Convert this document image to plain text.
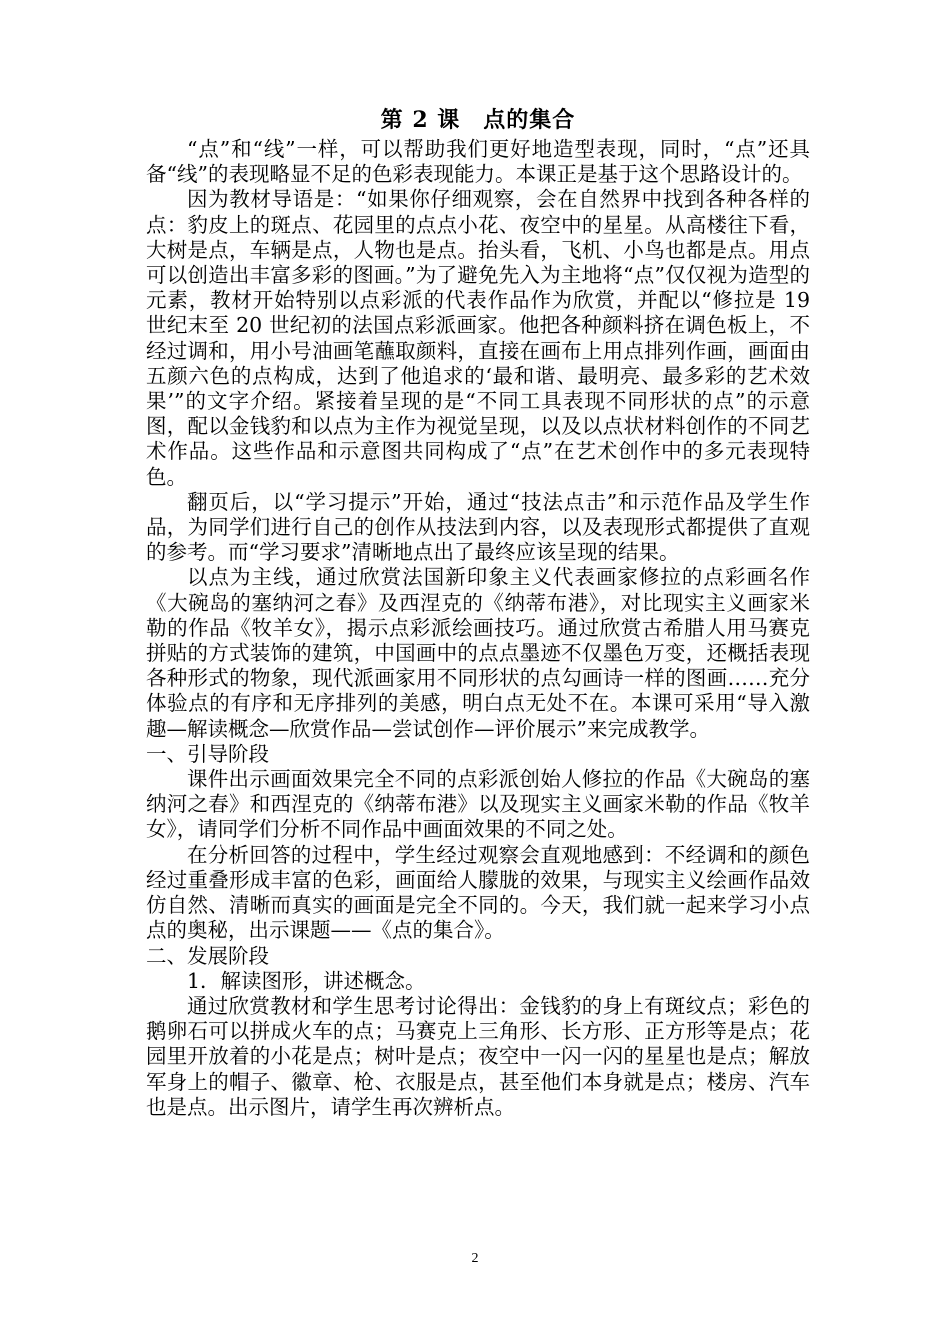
第 2 课　点的集合

“点”和“线”一样，可以帮助我们更好地造型表现，同时，“点”还具备“线”的表现略显不足的色彩表现能力。本课正是基于这个思路设计的。

因为教材导语是：“如果你仔细观察，会在自然界中找到各种各样的点：豹皮上的斑点、花园里的点点小花、夜空中的星星。从高楼往下看，大树是点，车辆是点，人物也是点。抬头看，飞机、小鸟也都是点。用点可以创造出丰富多彩的图画。”为了避免先入为主地将“点”仅仅视为造型的元素，教材开始特别以点彩派的代表作品作为欣赏，并配以“修拉是 19 世纪末至 20 世纪初的法国点彩派画家。他把各种颜料挤在调色板上，不经过调和，用小号油画笔蘸取颜料，直接在画布上用点排列作画，画面由五颜六色的点构成，达到了他追求的‘最和谐、最明亮、最多彩的艺术效果’”的文字介绍。紧接着呈现的是“不同工具表现不同形状的点”的示意图，配以金钱豹和以点为主作为视觉呈现，以及以点状材料创作的不同艺术作品。这些作品和示意图共同构成了“点”在艺术创作中的多元表现特色。

翻页后，以“学习提示”开始，通过“技法点击”和示范作品及学生作品，为同学们进行自己的创作从技法到内容，以及表现形式都提供了直观的参考。而“学习要求”清晰地点出了最终应该呈现的结果。

以点为主线，通过欣赏法国新印象主义代表画家修拉的点彩画名作《大碗岛的塞纳河之春》及西涅克的《纳蒂布港》，对比现实主义画家米勒的作品《牧羊女》，揭示点彩派绘画技巧。通过欣赏古希腊人用马赛克拼贴的方式装饰的建筑，中国画中的点点墨迹不仅墨色万变，还概括表现各种形式的物象，现代派画家用不同形状的点勾画诗一样的图画……充分体验点的有序和无序排列的美感，明白点无处不在。本课可采用“导入激趣—解读概念—欣赏作品—尝试创作—评价展示”来完成教学。

一、引导阶段

课件出示画面效果完全不同的点彩派创始人修拉的作品《大碗岛的塞纳河之春》和西涅克的《纳蒂布港》以及现实主义画家米勒的作品《牧羊女》，请同学们分析不同作品中画面效果的不同之处。

在分析回答的过程中，学生经过观察会直观地感到：不经调和的颜色经过重叠形成丰富的色彩，画面给人朦胧的效果，与现实主义绘画作品效仿自然、清晰而真实的画面是完全不同的。今天，我们就一起来学习小点点的奥秘，出示课题——《点的集合》。

二、发展阶段

1．解读图形，讲述概念。

通过欣赏教材和学生思考讨论得出：金钱豹的身上有斑纹点；彩色的鹅卵石可以拼成火车的点；马赛克上三角形、长方形、正方形等是点；花园里开放着的小花是点；树叶是点；夜空中一闪一闪的星星也是点；解放军身上的帽子、徽章、枪、衣服是点，甚至他们本身就是点；楼房、汽车也是点。出示图片，请学生再次辨析点。

2
